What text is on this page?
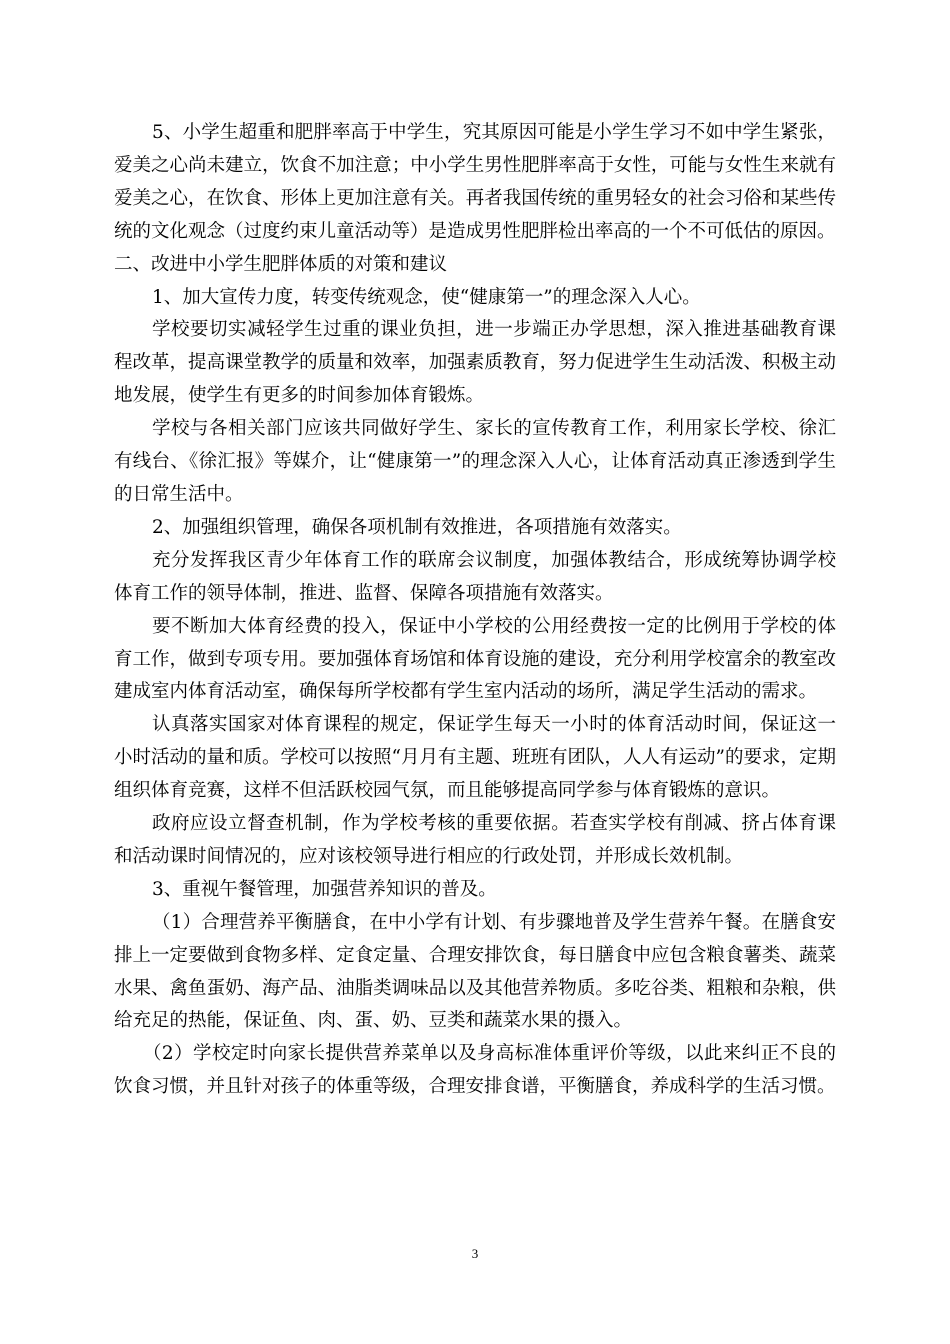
5、小学生超重和肥胖率高于中学生，究其原因可能是小学生学习不如中学生紧张，爱美之心尚未建立，饮食不加注意；中小学生男性肥胖率高于女性，可能与女性生来就有爱美之心，在饮食、形体上更加注意有关。再者我国传统的重男轻女的社会习俗和某些传统的文化观念（过度约束儿童活动等）是造成男性肥胖检出率高的一个不可低估的原因。

二、改进中小学生肥胖体质的对策和建议

1、加大宣传力度，转变传统观念，使“健康第一”的理念深入人心。

学校要切实减轻学生过重的课业负担，进一步端正办学思想，深入推进基础教育课程改革，提高课堂教学的质量和效率，加强素质教育，努力促进学生生动活泼、积极主动地发展，使学生有更多的时间参加体育锻炼。

学校与各相关部门应该共同做好学生、家长的宣传教育工作，利用家长学校、徐汇有线台、《徐汇报》等媒介，让“健康第一”的理念深入人心，让体育活动真正渗透到学生的日常生活中。

2、加强组织管理，确保各项机制有效推进，各项措施有效落实。

充分发挥我区青少年体育工作的联席会议制度，加强体教结合，形成统筹协调学校体育工作的领导体制，推进、监督、保障各项措施有效落实。

要不断加大体育经费的投入，保证中小学校的公用经费按一定的比例用于学校的体育工作，做到专项专用。要加强体育场馆和体育设施的建设，充分利用学校富余的教室改建成室内体育活动室，确保每所学校都有学生室内活动的场所，满足学生活动的需求。

认真落实国家对体育课程的规定，保证学生每天一小时的体育活动时间，保证这一小时活动的量和质。学校可以按照“月月有主题、班班有团队，人人有运动”的要求，定期组织体育竞赛，这样不但活跃校园气氛，而且能够提高同学参与体育锻炼的意识。

政府应设立督查机制，作为学校考核的重要依据。若查实学校有削减、挤占体育课和活动课时间情况的，应对该校领导进行相应的行政处罚，并形成长效机制。

3、重视午餐管理，加强营养知识的普及。

（1）合理营养平衡膳食，在中小学有计划、有步骤地普及学生营养午餐。在膳食安排上一定要做到食物多样、定食定量、合理安排饮食，每日膳食中应包含粮食薯类、蔬菜水果、禽鱼蛋奶、海产品、油脂类调味品以及其他营养物质。多吃谷类、粗粮和杂粮，供给充足的热能，保证鱼、肉、蛋、奶、豆类和蔬菜水果的摄入。

（2）学校定时向家长提供营养菜单以及身高标准体重评价等级，以此来纠正不良的饮食习惯，并且针对孩子的体重等级，合理安排食谱，平衡膳食，养成科学的生活习惯。

3
